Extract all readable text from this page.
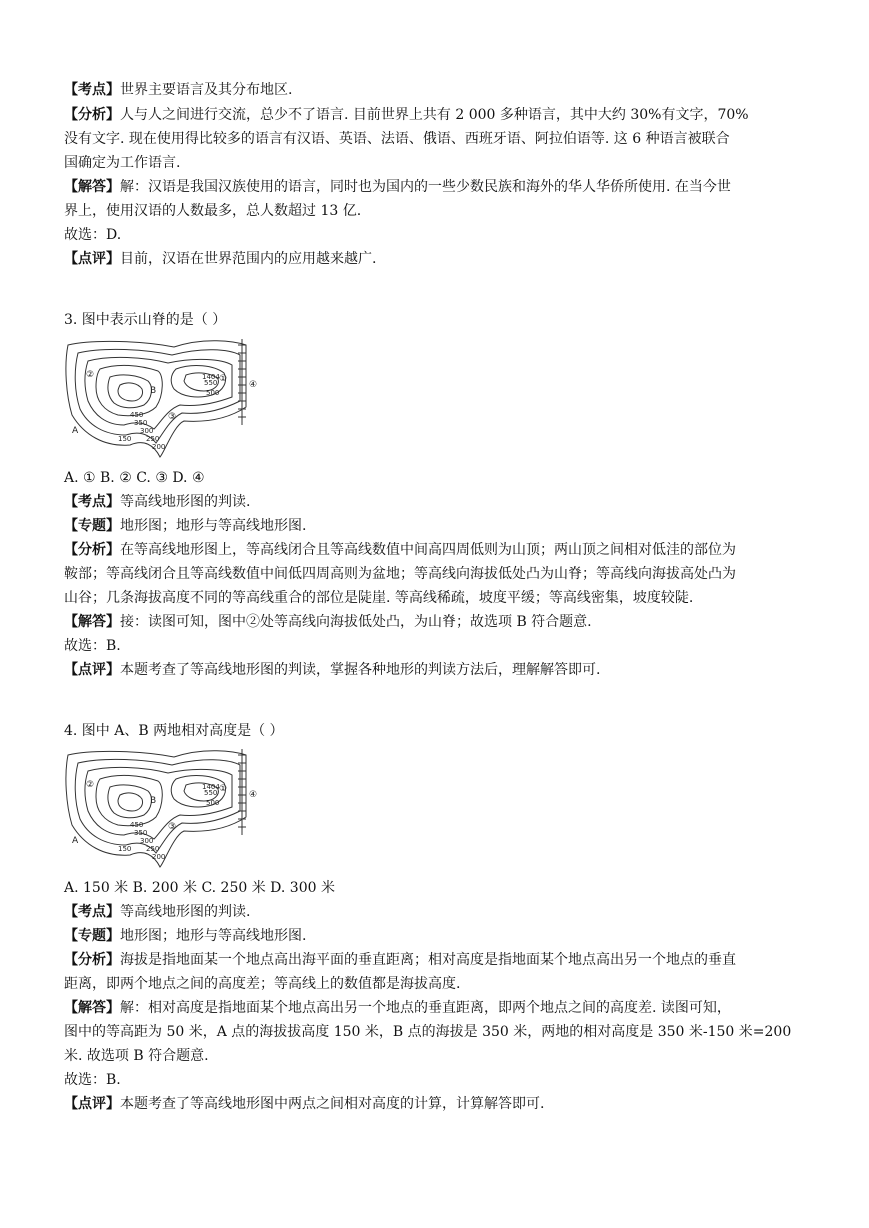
【考点】世界主要语言及其分布地区.
【分析】人与人之间进行交流，总少不了语言. 目前世界上共有 2 000 多种语言，其中大约 30%有文字，70%
没有文字. 现在使用得比较多的语言有汉语、英语、法语、俄语、西班牙语、阿拉伯语等. 这 6 种语言被联合
国确定为工作语言.
【解答】解：汉语是我国汉族使用的语言，同时也为国内的一些少数民族和海外的华人华侨所使用. 在当今世
界上，使用汉语的人数最多，总人数超过 13 亿.
故选：D.
【点评】目前，汉语在世界范围内的应用越来越广.
3. 图中表示山脊的是（ ）
1404 ①
②
③
④
A
B
550
500
450
350
300
250
200
150
A. ① B. ② C. ③ D. ④
【考点】等高线地形图的判读.
【专题】地形图；地形与等高线地形图.
【分析】在等高线地形图上，等高线闭合且等高线数值中间高四周低则为山顶；两山顶之间相对低洼的部位为
鞍部；等高线闭合且等高线数值中间低四周高则为盆地；等高线向海拔低处凸为山脊；等高线向海拔高处凸为
山谷；几条海拔高度不同的等高线重合的部位是陡崖. 等高线稀疏，坡度平缓；等高线密集，坡度较陡.
【解答】接：读图可知，图中②处等高线向海拔低处凸，为山脊；故选项 B 符合题意.
故选：B.
【点评】本题考查了等高线地形图的判读，掌握各种地形的判读方法后，理解解答即可.
4. 图中 A、B 两地相对高度是（ ）
1404 ①
②
③
④
A
B
550
500
450
350
300
250
200
150
A. 150 米 B. 200 米 C. 250 米 D. 300 米
【考点】等高线地形图的判读.
【专题】地形图；地形与等高线地形图.
【分析】海拔是指地面某一个地点高出海平面的垂直距离；相对高度是指地面某个地点高出另一个地点的垂直
距离，即两个地点之间的高度差；等高线上的数值都是海拔高度.
【解答】解：相对高度是指地面某个地点高出另一个地点的垂直距离，即两个地点之间的高度差. 读图可知，
图中的等高距为 50 米，A 点的海拔拔高度 150 米，B 点的海拔是 350 米，两地的相对高度是 350 米-150 米=200
米. 故选项 B 符合题意.
故选：B.
【点评】本题考查了等高线地形图中两点之间相对高度的计算，计算解答即可.
